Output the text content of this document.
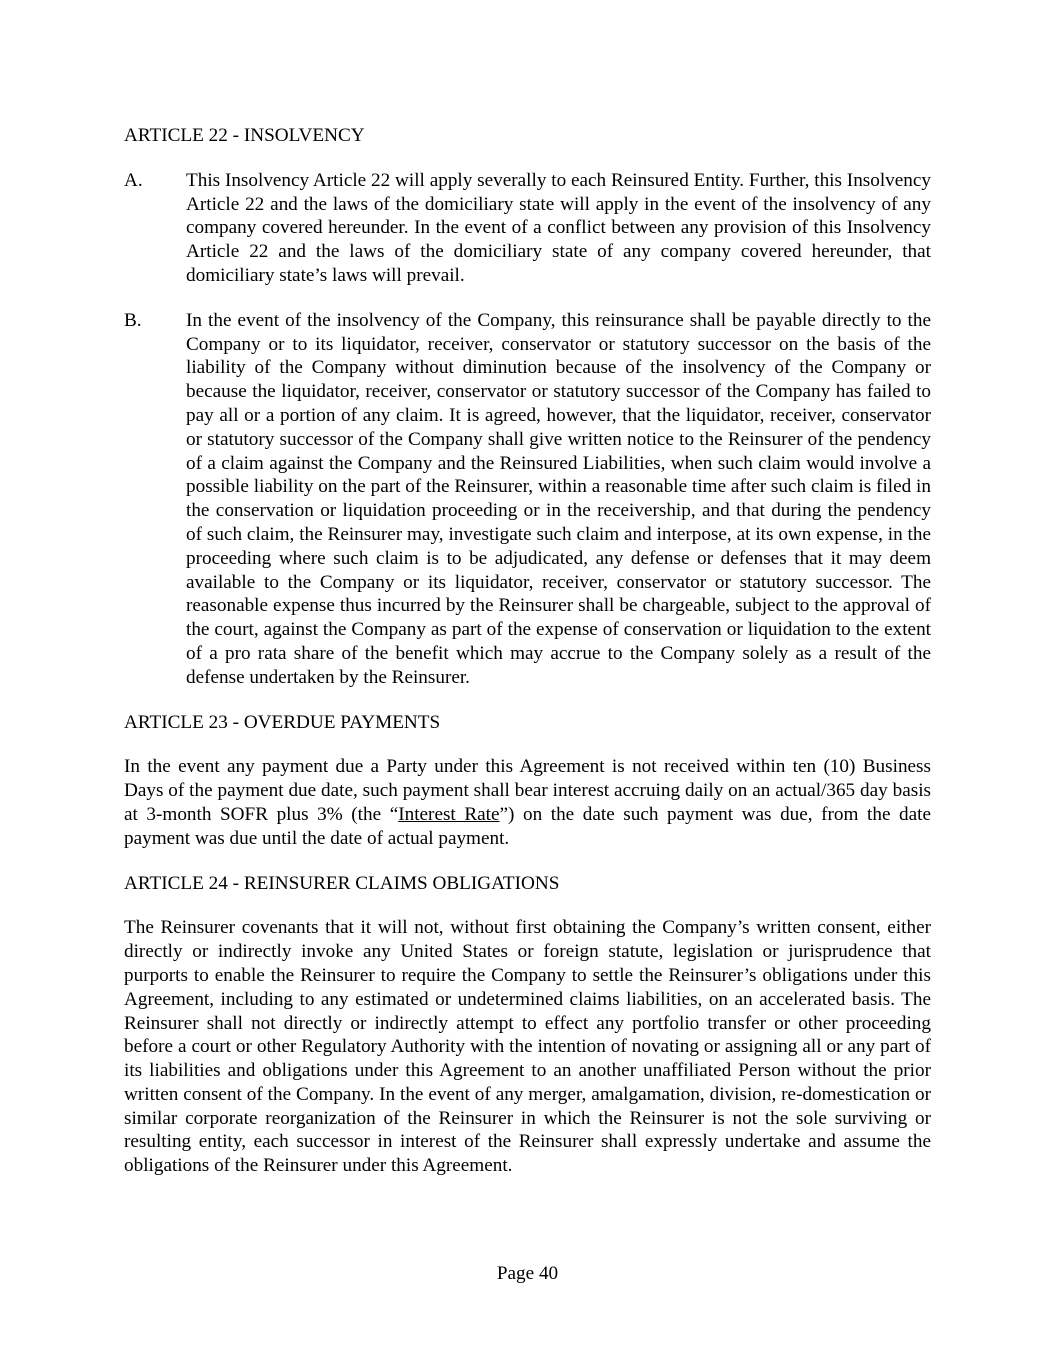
ARTICLE 22 - INSOLVENCY
A.	This Insolvency Article 22 will apply severally to each Reinsured Entity. Further, this Insolvency Article 22 and the laws of the domiciliary state will apply in the event of the insolvency of any company covered hereunder. In the event of a conflict between any provision of this Insolvency Article 22 and the laws of the domiciliary state of any company covered hereunder, that domiciliary state’s laws will prevail.

B.	In the event of the insolvency of the Company, this reinsurance shall be payable directly to the Company or to its liquidator, receiver, conservator or statutory successor on the basis of the liability of the Company without diminution because of the insolvency of the Company or because the liquidator, receiver, conservator or statutory successor of the Company has failed to pay all or a portion of any claim. It is agreed, however, that the liquidator, receiver, conservator or statutory successor of the Company shall give written notice to the Reinsurer of the pendency of a claim against the Company and the Reinsured Liabilities, when such claim would involve a possible liability on the part of the Reinsurer, within a reasonable time after such claim is filed in the conservation or liquidation proceeding or in the receivership, and that during the pendency of such claim, the Reinsurer may, investigate such claim and interpose, at its own expense, in the proceeding where such claim is to be adjudicated, any defense or defenses that it may deem available to the Company or its liquidator, receiver, conservator or statutory successor. The reasonable expense thus incurred by the Reinsurer shall be chargeable, subject to the approval of the court, against the Company as part of the expense of conservation or liquidation to the extent of a pro rata share of the benefit which may accrue to the Company solely as a result of the defense undertaken by the Reinsurer.

ARTICLE 23 - OVERDUE PAYMENTS

In the event any payment due a Party under this Agreement is not received within ten (10) Business Days of the payment due date, such payment shall bear interest accruing daily on an actual/365 day basis at 3-month SOFR plus 3% (the “Interest Rate”) on the date such payment was due, from the date payment was due until the date of actual payment.

ARTICLE 24 - REINSURER CLAIMS OBLIGATIONS

The Reinsurer covenants that it will not, without first obtaining the Company’s written consent, either directly or indirectly invoke any United States or foreign statute, legislation or jurisprudence that purports to enable the Reinsurer to require the Company to settle the Reinsurer’s obligations under this Agreement, including to any estimated or undetermined claims liabilities, on an accelerated basis. The Reinsurer shall not directly or indirectly attempt to effect any portfolio transfer or other proceeding before a court or other Regulatory Authority with the intention of novating or assigning all or any part of its liabilities and obligations under this Agreement to an another unaffiliated Person without the prior written consent of the Company. In the event of any merger, amalgamation, division, re-domestication or similar corporate reorganization of the Reinsurer in which the Reinsurer is not the sole surviving or resulting entity, each successor in interest of the Reinsurer shall expressly undertake and assume the obligations of the Reinsurer under this Agreement.

Page 40
